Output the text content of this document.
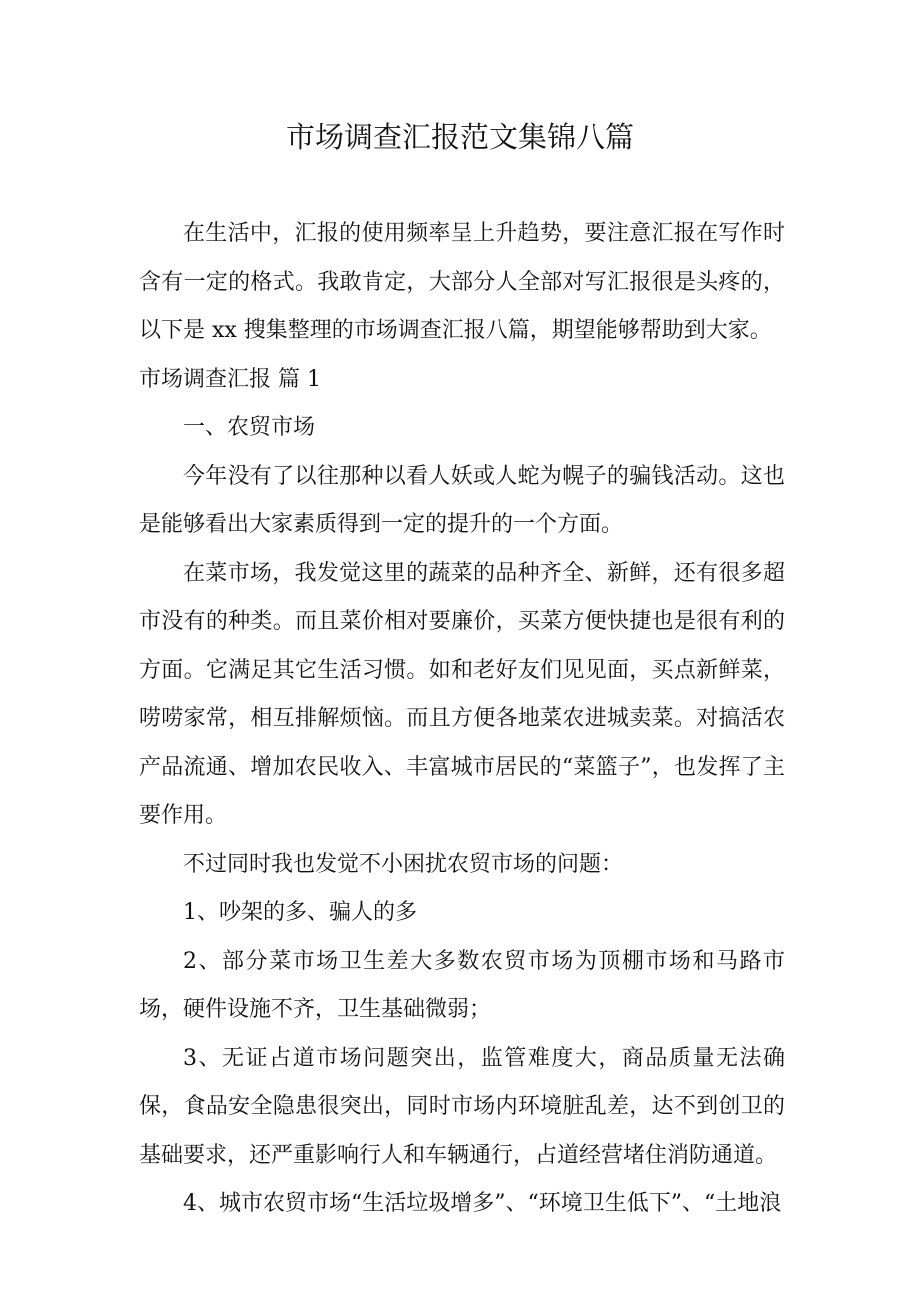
市场调查汇报范文集锦八篇

在生活中，汇报的使用频率呈上升趋势，要注意汇报在写作时含有一定的格式。我敢肯定，大部分人全部对写汇报很是头疼的，以下是 xx 搜集整理的市场调查汇报八篇，期望能够帮助到大家。

市场调查汇报 篇 1

一、农贸市场

今年没有了以往那种以看人妖或人蛇为幌子的骗钱活动。这也是能够看出大家素质得到一定的提升的一个方面。

在菜市场，我发觉这里的蔬菜的品种齐全、新鲜，还有很多超市没有的种类。而且菜价相对要廉价，买菜方便快捷也是很有利的方面。它满足其它生活习惯。如和老好友们见见面，买点新鲜菜，唠唠家常，相互排解烦恼。而且方便各地菜农进城卖菜。对搞活农产品流通、增加农民收入、丰富城市居民的“菜篮子”，也发挥了主要作用。

不过同时我也发觉不小困扰农贸市场的问题：

1、吵架的多、骗人的多

2、部分菜市场卫生差大多数农贸市场为顶棚市场和马路市场，硬件设施不齐，卫生基础微弱；

3、无证占道市场问题突出，监管难度大，商品质量无法确保，食品安全隐患很突出，同时市场内环境脏乱差，达不到创卫的基础要求，还严重影响行人和车辆通行，占道经营堵住消防通道。

4、城市农贸市场“生活垃圾增多”、“环境卫生低下”、“土地浪
